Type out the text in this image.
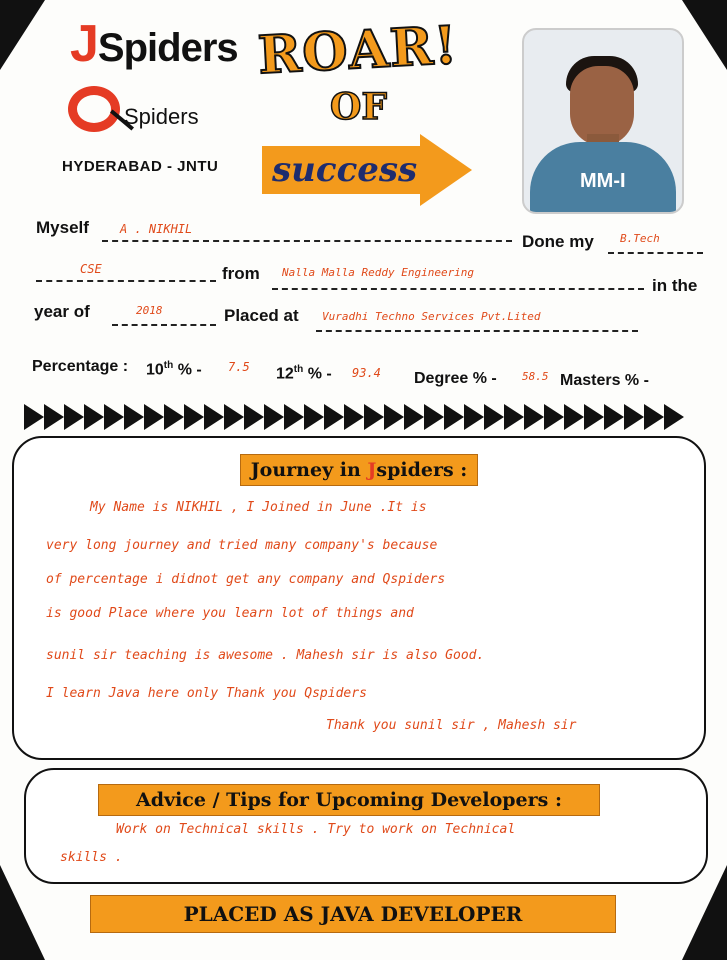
JSpiders
Spiders
HYDERABAD - JNTU
ROAR!
OF
success	MM-I
Myself	A . NIKHIL
Done my B.Tech
CSE	from Nalla Malla Reddy Engineering
in the
year of	2018	Placed at Vuradhi Techno Services Pvt.Lited
Percentage : 10th % - 7.5 12th % - 93.4 Degree % - 58.5 Masters % -
Journey in Jspiders :
My Name is NIKHIL , I Joined in June .It is
very long journey and tried many company's because
of percentage i didnot get any company and Qspiders
is good Place where you learn lot of things and
sunil sir teaching is awesome . Mahesh sir is also Good.
I learn Java here only Thank you Qspiders
Thank you sunil sir , Mahesh sir
Advice / Tips for Upcoming Developers :
Work on Technical skills . Try to work on Technical
skills .
PLACED AS JAVA DEVELOPER
